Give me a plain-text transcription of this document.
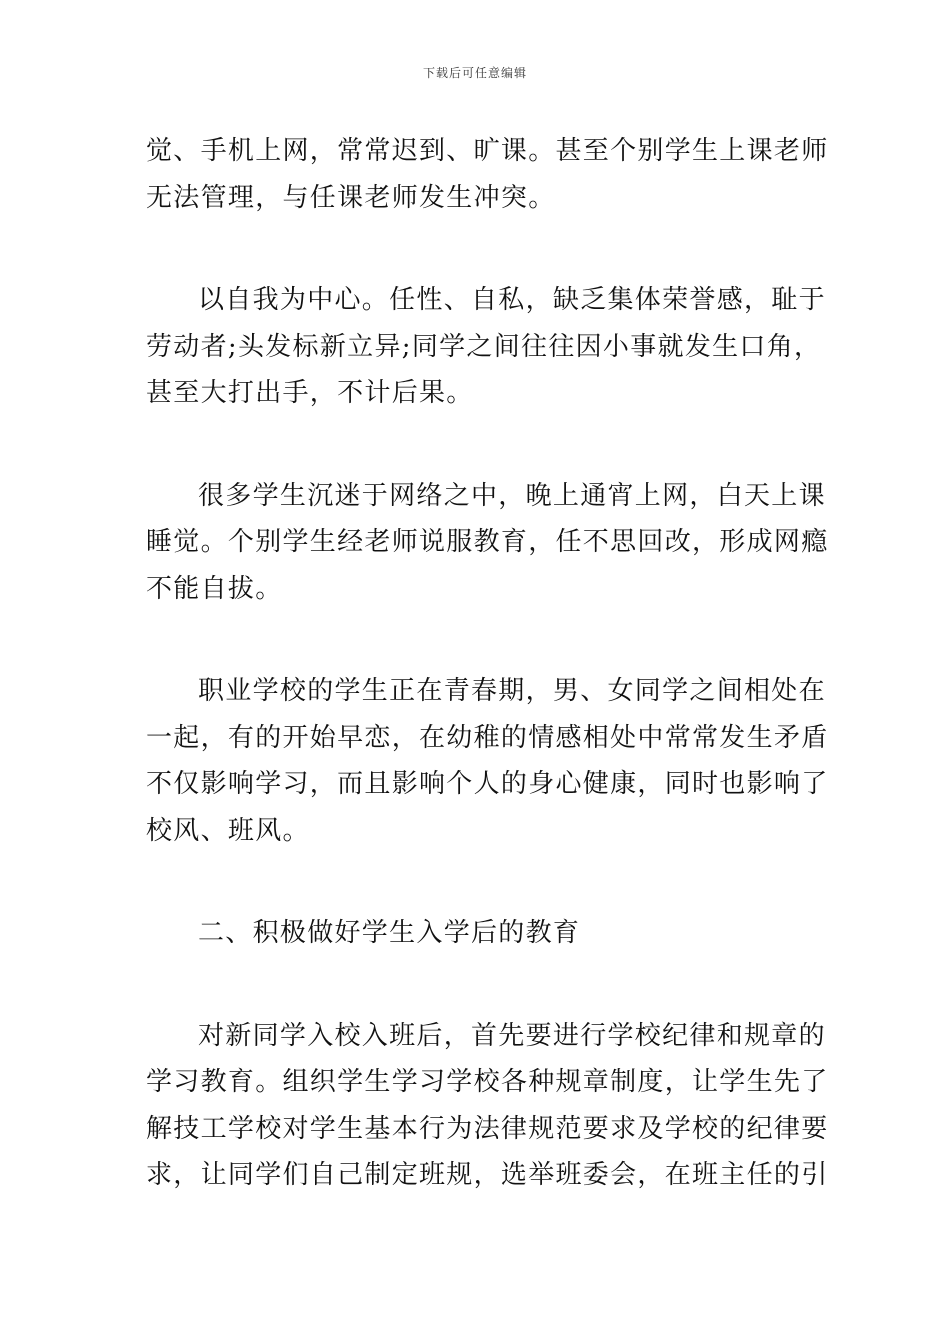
下载后可任意编辑

觉、手机上网，常常迟到、旷课。甚至个别学生上课老师
无法管理，与任课老师发生冲突。

以自我为中心。任性、自私，缺乏集体荣誉感，耻于
劳动者;头发标新立异;同学之间往往因小事就发生口角，
甚至大打出手，不计后果。

很多学生沉迷于网络之中，晚上通宵上网，白天上课
睡觉。个别学生经老师说服教育，任不思回改，形成网瘾
不能自拔。

职业学校的学生正在青春期，男、女同学之间相处在
一起，有的开始早恋，在幼稚的情感相处中常常发生矛盾
不仅影响学习，而且影响个人的身心健康，同时也影响了
校风、班风。

二、积极做好学生入学后的教育

对新同学入校入班后，首先要进行学校纪律和规章的
学习教育。组织学生学习学校各种规章制度，让学生先了
解技工学校对学生基本行为法律规范要求及学校的纪律要
求，让同学们自己制定班规，选举班委会，在班主任的引
